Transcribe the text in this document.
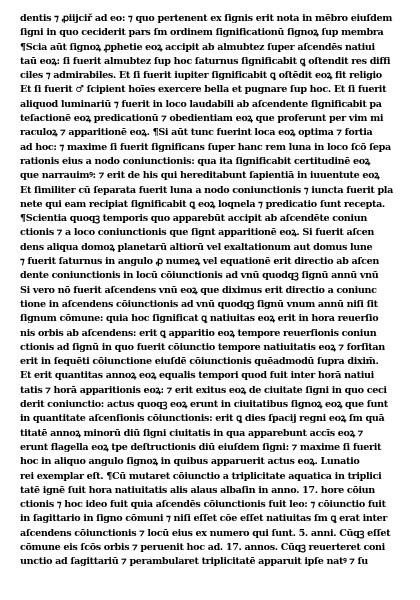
dentis ⁊ ꝓiijciř ad eo: ⁊ quo pertenent ex ſignis erit nota in mēbro eiuſdem
ſigni in quo ceciderit pars ſm ordinem ſignificationū ſignoꝝ ſup membra
¶Scia aūt ſignoꝝ ꝓphetie eoꝝ accipit ab almubtez ſuper aſcendēs natiui
taū eoꝝ: ſi fuerit almubtez ſup hoc ſaturnus ſignificabit ꝗ oſtendit res diffi
ciles ⁊ admirabiles. Et ſi fuerit iupiter ſignificabit ꝗ oſtēdit eoꝝ fit religio
Et ſi fuerit ♂ ſcipient hoīes exercere bella et pugnare ſup hoc. Et ſi fuerit
aliquod luminariū ⁊ fuerit in loco laudabili ab aſcendente ſignificabit pa
teſactionē eoꝝ predicationū ⁊ obedientiam eoꝝ que proferunt per vim mi
raculoꝝ ⁊ apparitionē eoꝝ. ¶Si aūt tunc fuerint loca eoꝝ optima ⁊ fortia
ad hoc: ⁊ maxime ſi fuerit ſignificans ſuper hanc rem luna in loco ſcō ſepa
rationis eius a nodo coniunctionis: qua ita ſignificabit certitudinē eoꝝ
que narrauimꝰ: ⁊ erit de his qui hereditabunt ſapientiā in iuuentute eoꝝ
Et ſimiliter cū ſeparata fuerit luna a nodo coniunctionis ⁊ iuncta fuerit pla
nete qui eam recipiat ſignificabit ꝗ eoꝝ loqnela ⁊ predicatio ſunt recepta.
¶Scientia quoqꝫ temporis quo apparebūt accipit ab aſcendēte coniun
ctionis ⁊ a loco coniunctionis que ſignt apparitionē eoꝝ. Si fuerit aſcen
dens aliqua domoꝝ planetarū altiorū vel exaltationum aut domus lune
⁊ fuerit ſaturnus in angulo ꝓ numeꝝ vel equationē erit directio ab aſcen
dente coniunctionis in locū cōiunctionis ad vnū quodqꝫ ſignū annū vnū
Si vero nō fuerit aſcendens vnū eoꝝ que diximus erit directio a coniunc
tione in aſcendens cōiunctionis ad vnū quodqꝫ ſignū vnum annū niſi ſit
ſignum cōmune: quia hoc ſignificat ꝗ natiuitas eoꝝ erit in hora reuerſio
nis orbis ab aſcendens: erit ꝗ apparitio eoꝝ tempore reuerſionis coniun
ctionis ad ſignū in quo fuerit cōiunctio tempore natiuitatis eoꝝ ⁊ forſitan
erit in ſequēti cōiunctione eiuſdē cōiunctionis quēadmodū ſupra dixim̄.
Et erit quantitas annoꝝ eoꝝ equalis tempori quod fuit inter horā natiui
tatis ⁊ horā apparitionis eoꝝ: ⁊ erit exitus eoꝝ de ciuitate ſigni in quo ceci
derit coniunctio: actus quoqꝫ eoꝝ erunt in ciuitatibus ſignoꝝ eoꝝ que ſunt
in quantitate aſcenſionis cōiunctionis: erit ꝗ dies ſpacij regni eoꝝ ſm quā
titatē annoꝝ minorū diū ſigni ciuitatis in qua apparebunt accīs eoꝝ ⁊
erunt flagella eoꝝ tpe deſtructionis diū eiuſdem ſigni: ⁊ maxime ſi fuerit
hoc in aliquo angulo ſignoꝝ in quibus apparuerit actus eoꝝ. Lunatio
rei exemplar eſt. ¶Cū mutaret cōiunctio a triplicitate aquatica in triplici
tatē ignē ſuit hora natiuitatis alis alaus albaſin in anno. 17. hore cōiun
ctionis ⁊ hoc ideo fuit quia aſcendēs cōiunctionis fuit leo: ⁊ cōiunctio fuit
in ſagittario in ſigno cōmuni ⁊ niſi eſſet cōe eſſet natiuitas ſm ꝗ erat inter
aſcendens cōiunctionis ⁊ locū eius ex numero qui ſunt. 5. anni. Cūqꝫ eſſet
cōmune eis ſcōs orbis ⁊ peruenit hoc ad. 17. annos. Cūqꝫ reuerteret coni
unctio ad ſagittariū ⁊ perambularet triplicitatē apparuit ipſe natꝰ ⁊ ſu
